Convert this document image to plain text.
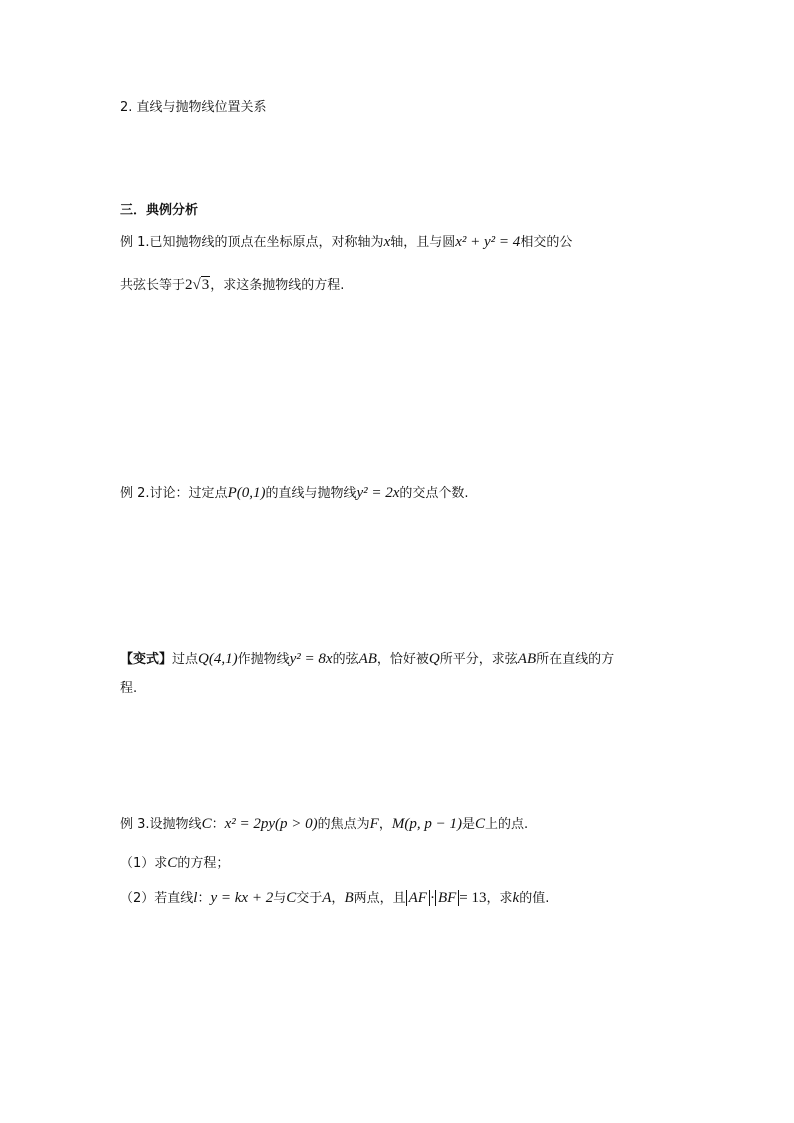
2. 直线与抛物线位置关系
三．典例分析
例 1.已知抛物线的顶点在坐标原点，对称轴为x轴，且与圆x² + y² = 4相交的公
共弦长等于2√3，求这条抛物线的方程.
例 2.讨论：过定点P(0,1)的直线与抛物线y² = 2x的交点个数.
【变式】过点Q(4,1)作抛物线y² = 8x的弦AB，恰好被Q所平分，求弦AB所在直线的方
程.
例 3.设抛物线C：x² = 2py(p > 0)的焦点为F，M(p, p − 1)是C上的点.
（1）求C的方程；
（2）若直线l：y = kx + 2与C交于A，B两点，且 AF · BF = 13，求k的值.
